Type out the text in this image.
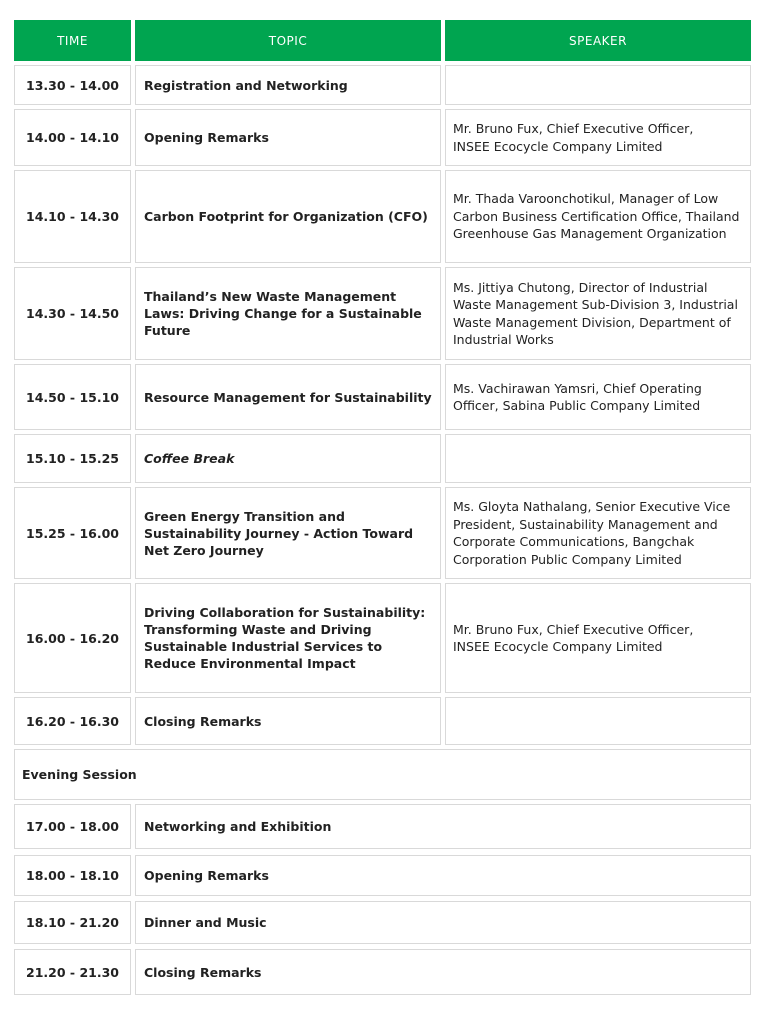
TIME	TOPIC	SPEAKER
13.30 - 14.00 Registration and Networking
14.00 - 14.10 Opening Remarks
Mr. Bruno Fux, Chief Executive Officer,
INSEE Ecocycle Company Limited
14.10 - 14.30 Carbon Footprint for Organization (CFO)
Mr. Thada Varoonchotikul, Manager of Low Carbon Business Certification Office, Thailand Greenhouse Gas Management Organization
14.30 - 14.50
Thailand’s New Waste Management Laws: Driving Change for a Sustainable Future
Ms. Jittiya Chutong, Director of Industrial Waste Management Sub-Division 3, Industrial Waste Management Division, Department of Industrial Works
14.50 - 15.10 Resource Management for Sustainability
Ms. Vachirawan Yamsri, Chief Operating Officer, Sabina Public Company Limited
15.10 - 15.25 Coffee Break
15.25 - 16.00
Green Energy Transition and Sustainability Journey - Action Toward Net Zero Journey
Ms. Gloyta Nathalang, Senior Executive Vice President, Sustainability Management and Corporate Communications, Bangchak Corporation Public Company Limited
16.00 - 16.20
Driving Collaboration for Sustainability: Transforming Waste and Driving Sustainable Industrial Services to Reduce Environmental Impact
Mr. Bruno Fux, Chief Executive Officer,
INSEE Ecocycle Company Limited
16.20 - 16.30 Closing Remarks
Evening Session
17.00 - 18.00 Networking and Exhibition
18.00 - 18.10 Opening Remarks
18.10 - 21.20 Dinner and Music
21.20 - 21.30 Closing Remarks
